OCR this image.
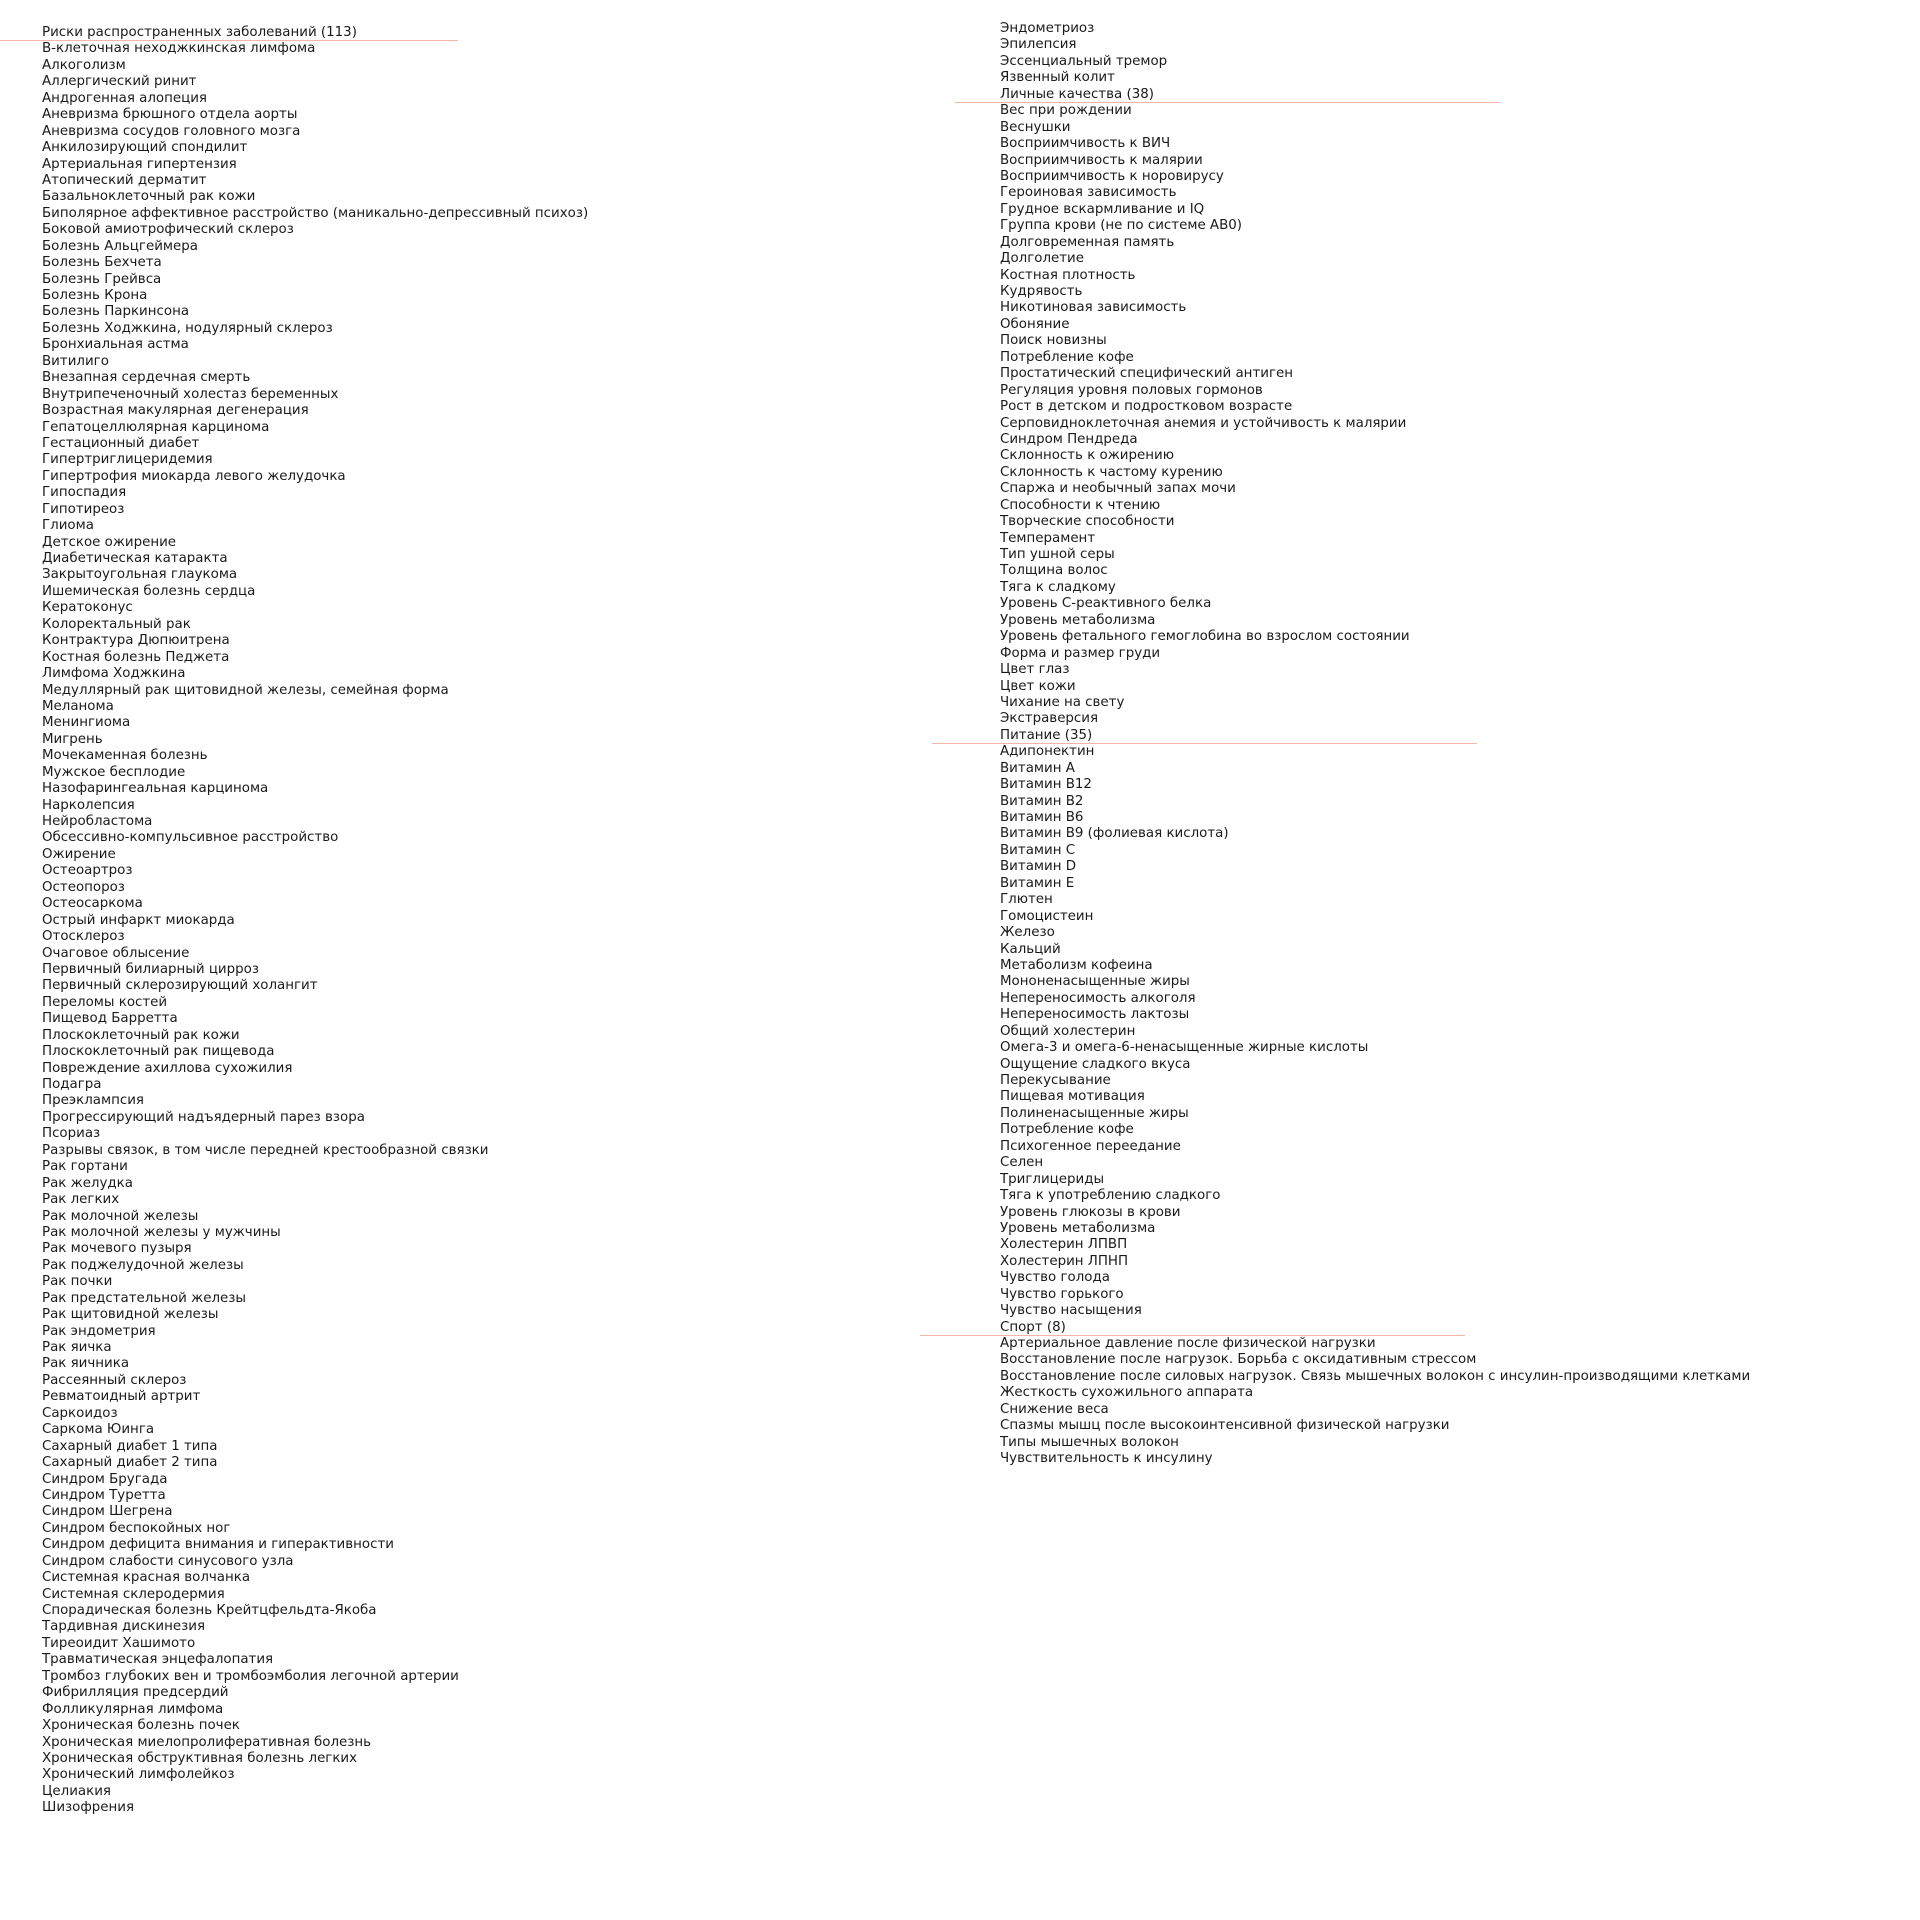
Риски распространенных заболеваний (113)
B-клеточная неходжкинская лимфома
Алкоголизм
Аллергический ринит
Андрогенная алопеция
Аневризма брюшного отдела аорты
Аневризма сосудов головного мозга
Анкилозирующий спондилит
Артериальная гипертензия
Атопический дерматит
Базальноклеточный рак кожи
Биполярное аффективное расстройство (маникально-депрессивный психоз)
Боковой амиотрофический склероз
Болезнь Альцгеймера
Болезнь Бехчета
Болезнь Грейвса
Болезнь Крона
Болезнь Паркинсона
Болезнь Ходжкина, нодулярный склероз
Бронхиальная астма
Витилиго
Внезапная сердечная смерть
Внутрипеченочный холестаз беременных
Возрастная макулярная дегенерация
Гепатоцеллюлярная карцинома
Гестационный диабет
Гипертриглицеридемия
Гипертрофия миокарда левого желудочка
Гипоспадия
Гипотиреоз
Глиома
Детское ожирение
Диабетическая катаракта
Закрытоугольная глаукома
Ишемическая болезнь сердца
Кератоконус
Колоректальный рак
Контрактура Дюпюитрена
Костная болезнь Педжета
Лимфома Ходжкина
Медуллярный рак щитовидной железы, семейная форма
Меланома
Менингиома
Мигрень
Мочекаменная болезнь
Мужское бесплодие
Назофарингеальная карцинома
Нарколепсия
Нейробластома
Обсессивно-компульсивное расстройство
Ожирение
Остеоартроз
Остеопороз
Остеосаркома
Острый инфаркт миокарда
Отосклероз
Очаговое облысение
Первичный билиарный цирроз
Первичный склерозирующий холангит
Переломы костей
Пищевод Барретта
Плоскоклеточный рак кожи
Плоскоклеточный рак пищевода
Повреждение ахиллова сухожилия
Подагра
Преэклампсия
Прогрессирующий надъядерный парез взора
Псориаз
Разрывы связок, в том числе передней крестообразной связки
Рак гортани
Рак желудка
Рак легких
Рак молочной железы
Рак молочной железы у мужчины
Рак мочевого пузыря
Рак поджелудочной железы
Рак почки
Рак предстательной железы
Рак щитовидной железы
Рак эндометрия
Рак яичка
Рак яичника
Рассеянный склероз
Ревматоидный артрит
Саркоидоз
Саркома Юинга
Сахарный диабет 1 типа
Сахарный диабет 2 типа
Синдром Бругада
Синдром Туретта
Синдром Шегрена
Синдром беспокойных ног
Синдром дефицита внимания и гиперактивности
Синдром слабости синусового узла
Системная красная волчанка
Системная склеродермия
Спорадическая болезнь Крейтцфельдта-Якоба
Тардивная дискинезия
Тиреоидит Хашимото
Травматическая энцефалопатия
Тромбоз глубоких вен и тромбоэмболия легочной артерии
Фибрилляция предсердий
Фолликулярная лимфома
Хроническая болезнь почек
Хроническая миелопролиферативная болезнь
Хроническая обструктивная болезнь легких
Хронический лимфолейкоз
Целиакия
Шизофрения
Эндометриоз
Эпилепсия
Эссенциальный тремор
Язвенный колит
Личные качества (38)
Вес при рождении
Веснушки
Восприимчивость к ВИЧ
Восприимчивость к малярии
Восприимчивость к норовирусу
Героиновая зависимость
Грудное вскармливание и IQ
Группа крови (не по системе AB0)
Долговременная память
Долголетие
Костная плотность
Кудрявость
Никотиновая зависимость
Обоняние
Поиск новизны
Потребление кофе
Простатический специфический антиген
Регуляция уровня половых гормонов
Рост в детском и подростковом возрасте
Серповидноклеточная анемия и устойчивость к малярии
Синдром Пендреда
Склонность к ожирению
Склонность к частому курению
Спаржа и необычный запах мочи
Способности к чтению
Творческие способности
Темперамент
Тип ушной серы
Толщина волос
Тяга к сладкому
Уровень С-реактивного белка
Уровень метаболизма
Уровень фетального гемоглобина во взрослом состоянии
Форма и размер груди
Цвет глаз
Цвет кожи
Чихание на свету
Экстраверсия
Питание (35)
Адипонектин
Витамин A
Витамин B12
Витамин B2
Витамин B6
Витамин B9 (фолиевая кислота)
Витамин C
Витамин D
Витамин E
Глютен
Гомоцистеин
Железо
Кальций
Метаболизм кофеина
Мононенасыщенные жиры
Непереносимость алкоголя
Непереносимость лактозы
Общий холестерин
Омега-3 и омега-6-ненасыщенные жирные кислоты
Ощущение сладкого вкуса
Перекусывание
Пищевая мотивация
Полиненасыщенные жиры
Потребление кофе
Психогенное переедание
Селен
Триглицериды
Тяга к употреблению сладкого
Уровень глюкозы в крови
Уровень метаболизма
Холестерин ЛПВП
Холестерин ЛПНП
Чувство голода
Чувство горького
Чувство насыщения
Спорт (8)
Артериальное давление после физической нагрузки
Восстановление после нагрузок. Борьба с оксидативным стрессом
Восстановление после силовых нагрузок. Связь мышечных волокон с инсулин-производящими клетками
Жесткость сухожильного аппарата
Снижение веса
Спазмы мышц после высокоинтенсивной физической нагрузки
Типы мышечных волокон
Чувствительность к инсулину
